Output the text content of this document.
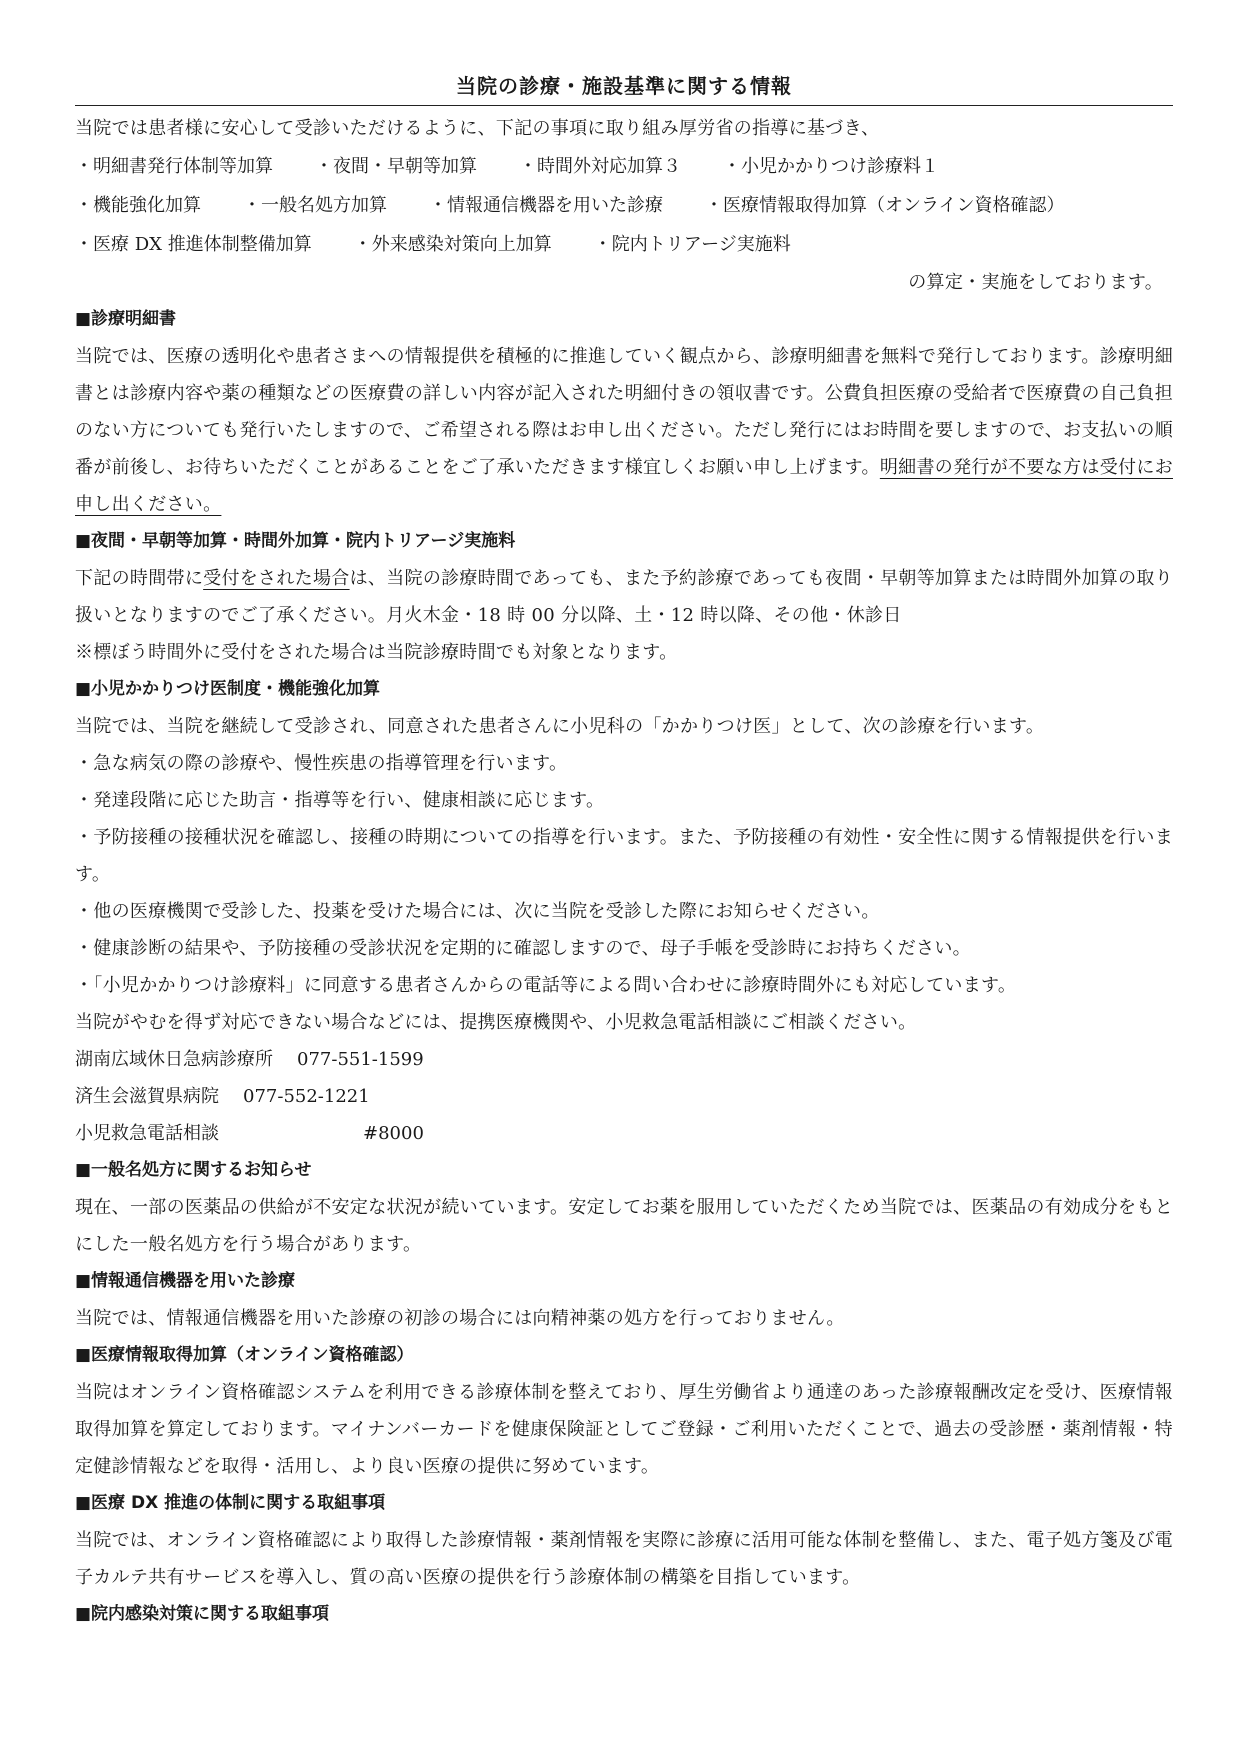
当院の診療・施設基準に関する情報
当院では患者様に安心して受診いただけるように、下記の事項に取り組み厚労省の指導に基づき、
・明細書発行体制等加算 ・夜間・早朝等加算 ・時間外対応加算３ ・小児かかりつけ診療料１
・機能強化加算 ・一般名処方加算 ・情報通信機器を用いた診療 ・医療情報取得加算（オンライン資格確認）
・医療 DX 推進体制整備加算 ・外来感染対策向上加算 ・院内トリアージ実施料
の算定・実施をしております。
■診療明細書
当院では、医療の透明化や患者さまへの情報提供を積極的に推進していく観点から、診療明細書を無料で発行しております。診療明細書とは診療内容や薬の種類などの医療費の詳しい内容が記入された明細付きの領収書です。公費負担医療の受給者で医療費の自己負担のない方についても発行いたしますので、ご希望される際はお申し出ください。ただし発行にはお時間を要しますので、お支払いの順番が前後し、お待ちいただくことがあることをご了承いただきます様宜しくお願い申し上げます。明細書の発行が不要な方は受付にお申し出ください。
■夜間・早朝等加算・時間外加算・院内トリアージ実施料
下記の時間帯に受付をされた場合は、当院の診療時間であっても、また予約診療であっても夜間・早朝等加算または時間外加算の取り扱いとなりますのでご了承ください。月火木金・18 時 00 分以降、土・12 時以降、その他・休診日
※標ぼう時間外に受付をされた場合は当院診療時間でも対象となります。
■小児かかりつけ医制度・機能強化加算
当院では、当院を継続して受診され、同意された患者さんに小児科の「かかりつけ医」として、次の診療を行います。
・急な病気の際の診療や、慢性疾患の指導管理を行います。
・発達段階に応じた助言・指導等を行い、健康相談に応じます。
・予防接種の接種状況を確認し、接種の時期についての指導を行います。また、予防接種の有効性・安全性に関する情報提供を行います。
・他の医療機関で受診した、投薬を受けた場合には、次に当院を受診した際にお知らせください。
・健康診断の結果や、予防接種の受診状況を定期的に確認しますので、母子手帳を受診時にお持ちください。
・「小児かかりつけ診療料」に同意する患者さんからの電話等による問い合わせに診療時間外にも対応しています。
当院がやむを得ず対応できない場合などには、提携医療機関や、小児救急電話相談にご相談ください。
湖南広域休日急病診療所 077-551-1599
済生会滋賀県病院 077-552-1221
小児救急電話相談	#8000
■一般名処方に関するお知らせ
現在、一部の医薬品の供給が不安定な状況が続いています。安定してお薬を服用していただくため当院では、医薬品の有効成分をもとにした一般名処方を行う場合があります。
■情報通信機器を用いた診療
当院では、情報通信機器を用いた診療の初診の場合には向精神薬の処方を行っておりません。
■医療情報取得加算（オンライン資格確認）
当院はオンライン資格確認システムを利用できる診療体制を整えており、厚生労働省より通達のあった診療報酬改定を受け、医療情報取得加算を算定しております。マイナンバーカードを健康保険証としてご登録・ご利用いただくことで、過去の受診歴・薬剤情報・特定健診情報などを取得・活用し、より良い医療の提供に努めています。
■医療 DX 推進の体制に関する取組事項
当院では、オンライン資格確認により取得した診療情報・薬剤情報を実際に診療に活用可能な体制を整備し、また、電子処方箋及び電子カルテ共有サービスを導入し、質の高い医療の提供を行う診療体制の構築を目指しています。
■院内感染対策に関する取組事項
